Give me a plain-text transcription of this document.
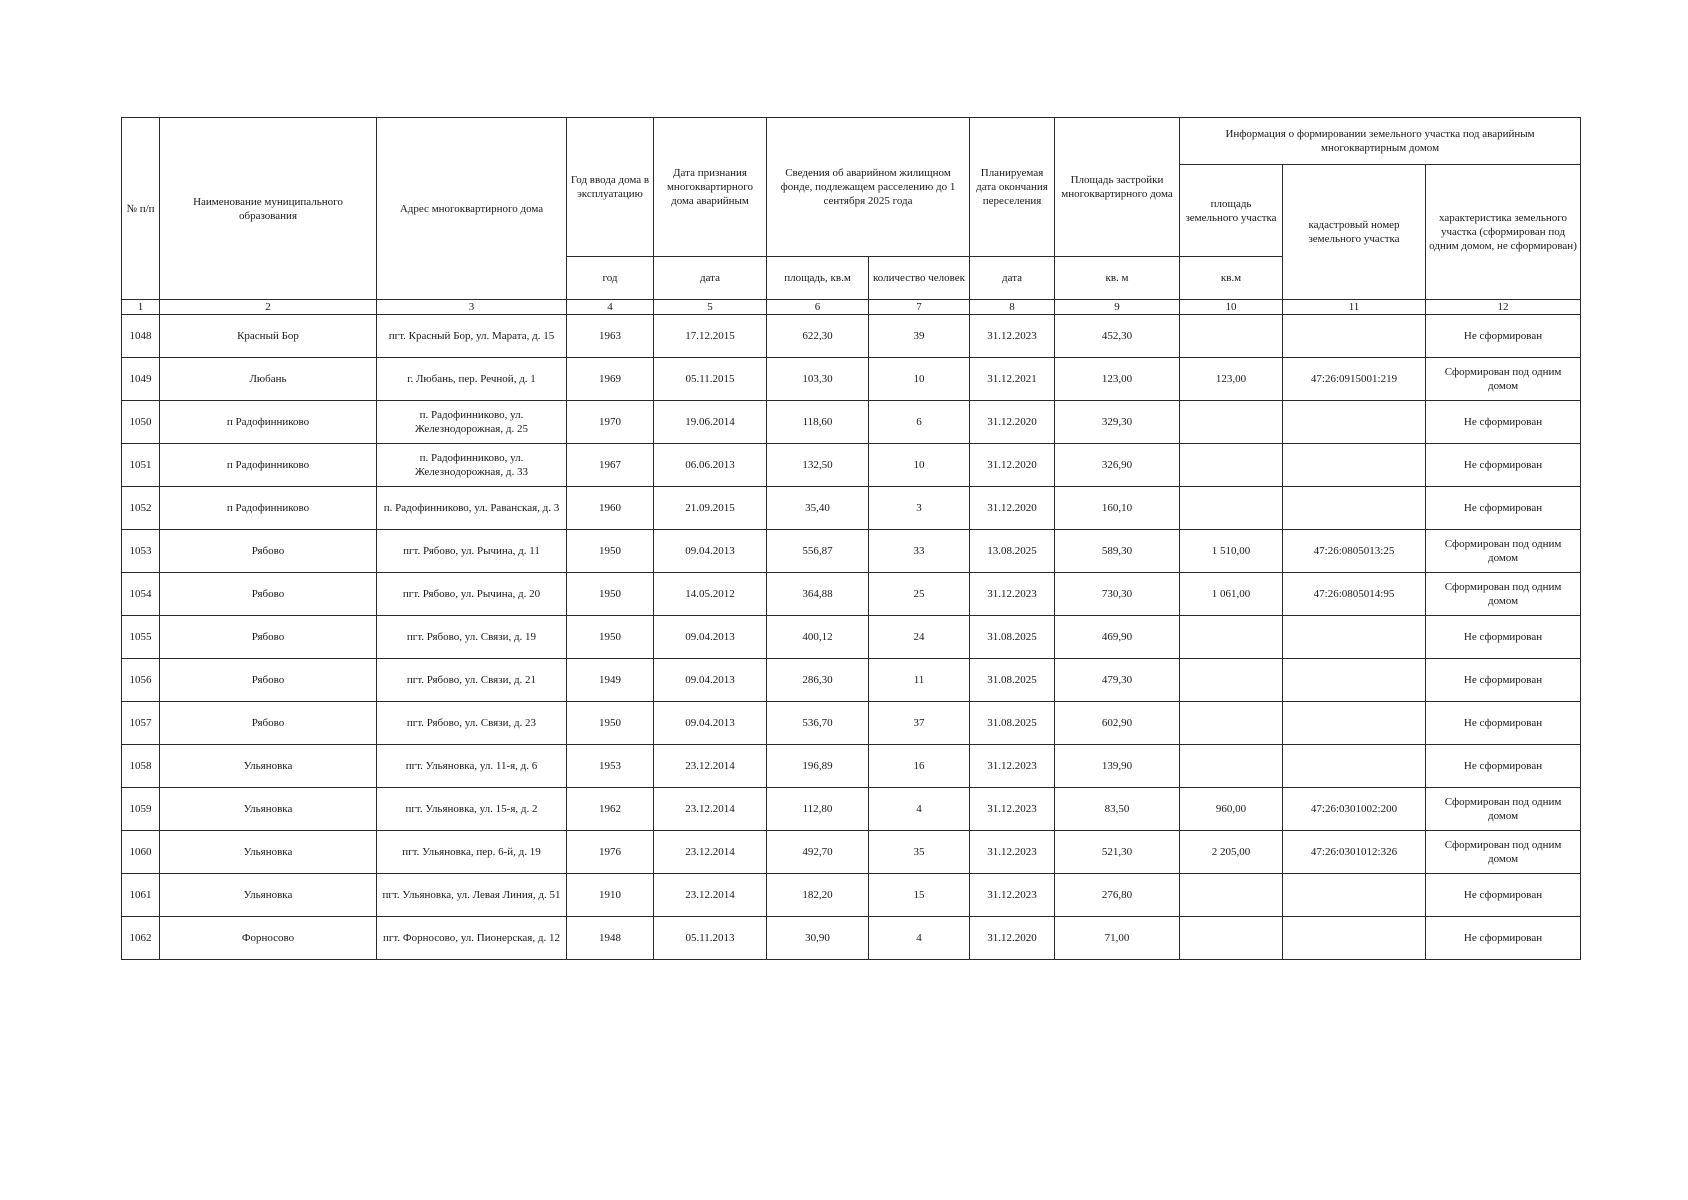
№ п/п	Наименование муниципального образования	Адрес многоквартирного дома	Год ввода дома в эксплуатацию	Дата признания многоквартирного дома аварийным	Сведения об аварийном жилищном фонде, подлежащем расселению до 1 сентября 2025 года		Планируемая дата окончания переселения	Площадь застройки многоквартирного дома	Информация о формировании земельного участка под аварийным многоквартирным домом		
									площадь земельного участка	кадастровый номер земельного участка	характеристика земельного участка (сформирован под одним домом, не сформирован)
			год	дата	площадь, кв.м	количество человек	дата	кв. м	кв.м		
1	2	3	4	5	6	7	8	9	10	11	12
1048	Красный Бор	пгт. Красный Бор, ул. Марата, д. 15	1963	17.12.2015	622,30	39	31.12.2023	452,30			Не сформирован
1049	Любань	г. Любань, пер. Речной, д. 1	1969	05.11.2015	103,30	10	31.12.2021	123,00	123,00	47:26:0915001:219	Сформирован под одним домом
1050	п Радофинниково	п. Радофинниково, ул. Железнодорожная, д. 25	1970	19.06.2014	118,60	6	31.12.2020	329,30			Не сформирован
1051	п Радофинниково	п. Радофинниково, ул. Железнодорожная, д. 33	1967	06.06.2013	132,50	10	31.12.2020	326,90			Не сформирован
1052	п Радофинниково	п. Радофинниково, ул. Раванская, д. 3	1960	21.09.2015	35,40	3	31.12.2020	160,10			Не сформирован
1053	Рябово	пгт. Рябово, ул. Рычина, д. 11	1950	09.04.2013	556,87	33	13.08.2025	589,30	1 510,00	47:26:0805013:25	Сформирован под одним домом
1054	Рябово	пгт. Рябово, ул. Рычина, д. 20	1950	14.05.2012	364,88	25	31.12.2023	730,30	1 061,00	47:26:0805014:95	Сформирован под одним домом
1055	Рябово	пгт. Рябово, ул. Связи, д. 19	1950	09.04.2013	400,12	24	31.08.2025	469,90			Не сформирован
1056	Рябово	пгт. Рябово, ул. Связи, д. 21	1949	09.04.2013	286,30	11	31.08.2025	479,30			Не сформирован
1057	Рябово	пгт. Рябово, ул. Связи, д. 23	1950	09.04.2013	536,70	37	31.08.2025	602,90			Не сформирован
1058	Ульяновка	пгт. Ульяновка, ул. 11-я, д. 6	1953	23.12.2014	196,89	16	31.12.2023	139,90			Не сформирован
1059	Ульяновка	пгт. Ульяновка, ул. 15-я, д. 2	1962	23.12.2014	112,80	4	31.12.2023	83,50	960,00	47:26:0301002:200	Сформирован под одним домом
1060	Ульяновка	пгт. Ульяновка, пер. 6-й, д. 19	1976	23.12.2014	492,70	35	31.12.2023	521,30	2 205,00	47:26:0301012:326	Сформирован под одним домом
1061	Ульяновка	пгт. Ульяновка, ул. Левая Линия, д. 51	1910	23.12.2014	182,20	15	31.12.2023	276,80			Не сформирован
1062	Форносово	пгт. Форносово, ул. Пионерская, д. 12	1948	05.11.2013	30,90	4	31.12.2020	71,00			Не сформирован
